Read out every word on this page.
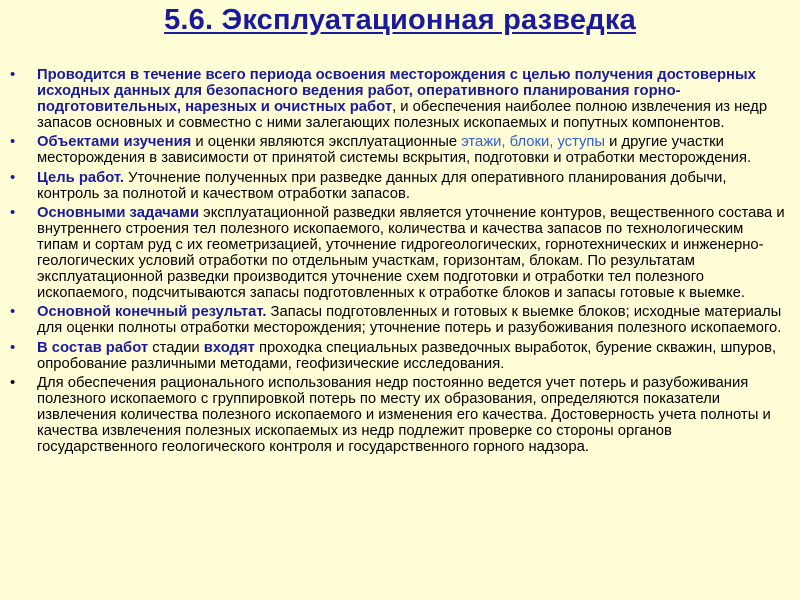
5.6. Эксплуатационная разведка
• Проводится в течение всего периода освоения месторождения с целью получения достоверных исходных данных для безопасного ведения работ, оперативного планирования горно-подготовительных, нарезных и очистных работ, и обеспечения наиболее полною извлечения из недр запасов основных и совместно с ними залегающих полезных ископаемых и попутных компонентов.
• Объектами изучения и оценки являются эксплуатационные этажи, блоки, уступы и другие участки месторождения в зависимости от принятой системы вскрытия, подготовки и отработки месторождения.
• Цель работ. Уточнение полученных при разведке данных для оперативного планирования добычи, контроль за полнотой и качеством отработки запасов.
• Основными задачами эксплуатационной разведки является уточнение контуров, вещественного состава и внутреннего строения тел полезного ископаемого, количества и качества запасов по технологическим типам и сортам руд с их геометризацией, уточнение гидрогеологических, горнотехнических и инженерно-геологических условий отработки по отдельным участкам, горизонтам, блокам. По результатам эксплуатационной разведки производится уточнение схем подготовки и отработки тел полезного ископаемого, подсчитываются запасы подготовленных к отработке блоков и запасы готовые к выемке.
• Основной конечный результат. Запасы подготовленных и готовых к выемке блоков; исходные материалы для оценки полноты отработки месторождения; уточнение потерь и разубоживания полезного ископаемого.
• В состав работ стадии входят проходка специальных разведочных выработок, бурение скважин, шпуров, опробование различными методами, геофизические исследования.
• Для обеспечения рационального использования недр постоянно ведется учет потерь и разубоживания полезного ископаемого с группировкой потерь по месту их образования, определяются показатели извлечения количества полезного ископаемого и изменения его качества. Достоверность учета полноты и качества извлечения полезных ископаемых из недр подлежит проверке со стороны органов государственного геологического контроля и государственного горного надзора.
